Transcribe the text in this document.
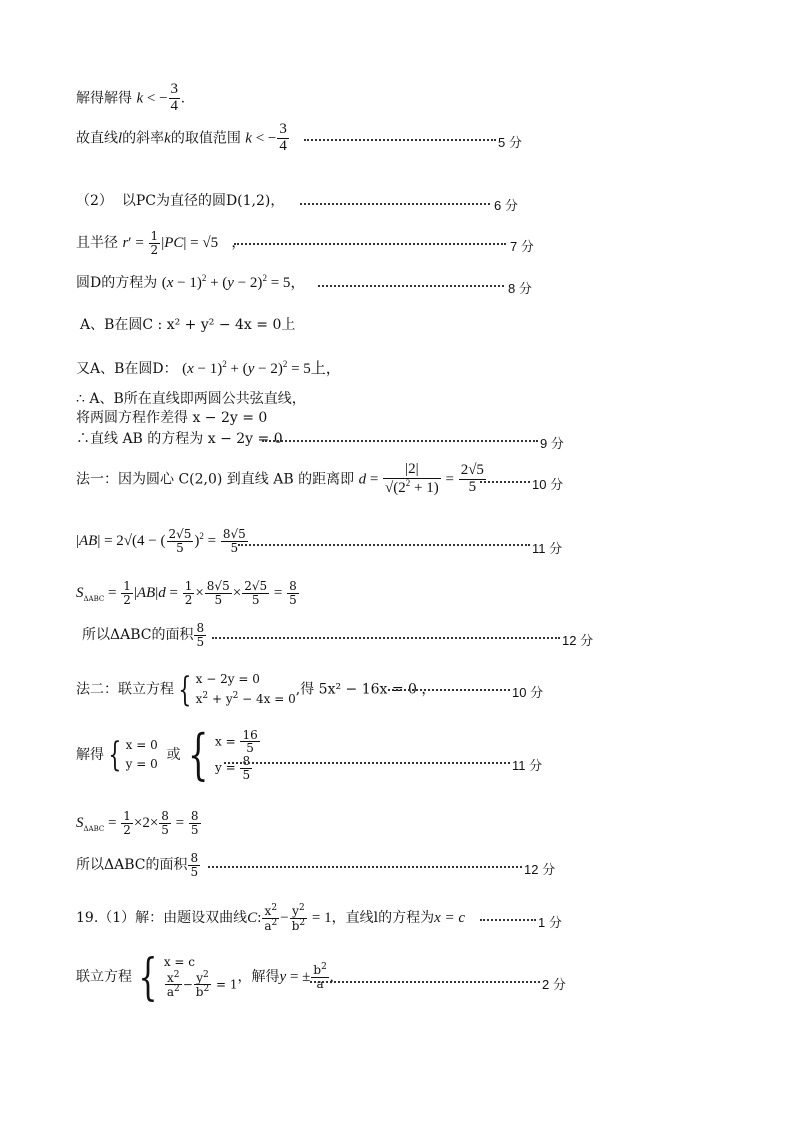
解得解得 k < − $\frac{3}{4}$ .
故直线l的斜率k的取值范围 k < − $\frac{3}{4}$	5 分
（2） 以PC为直径的圆D(1,2)，	6 分
且半径 $r' = \frac{1}{2} |PC| = √5$   ，	7 分
圆D的方程为 $(x - 1)^2 + (y - 2)^2 = 5$，	8 分
A、B在圆C : x² + y² − 4x = 0上
又A、B在圆D： $(x - 1)^2 + (y - 2)^2 = 5$上，
∴ A、B所在直线即两圆公共弦直线，
将两圆方程作差得 x − 2y = 0
∴直线 AB 的方程为 x − 2y = 0	9 分
法一：因为圆心 C(2,0) 到直线 AB 的距离即 $d = \frac{|2|}{√(2^2 + 1)} = \frac{2√5}{5}$	10 分
|AB| = 2√(4 − ( $\frac{2√5}{5} )^2 = \frac{8√5}{5}$	11 分
$S_{\Delta ABC} = \frac{1}{2} |AB|d = \frac{1}{2} \times \frac{8√5}{5} \times \frac{2√5}{5} = \frac{8}{5}$
所以ΔABC的面积 $\frac{8}{5}$	12 分
法二：联立方程 { x − 2y = 0
$x^2 + y^2 - 4x = 0$,得 5x² − 16x = 0 ，	10 分
解得 { x = 0
y = 0  或 { $x = \frac{16}{5}$

$y = \frac{8}{5}$	11 分
$S_{\Delta ABC} = \frac{1}{2} \times 2\times \frac{8}{5} = \frac{8}{5}$
所以ΔABC的面积 $\frac{8}{5}$	12 分
19.（1）解：由题设双曲线C: $\frac{x^2}{a^2} - \frac{y^2}{b^2} = 1$，直线l的方程为x = c	1 分
联立方程 { x = c

$\frac{x^2}{a^2} - \frac{y^2}{b^2} = 1$，解得y = ± $\frac{b^2}{a}$ ,	2 分
